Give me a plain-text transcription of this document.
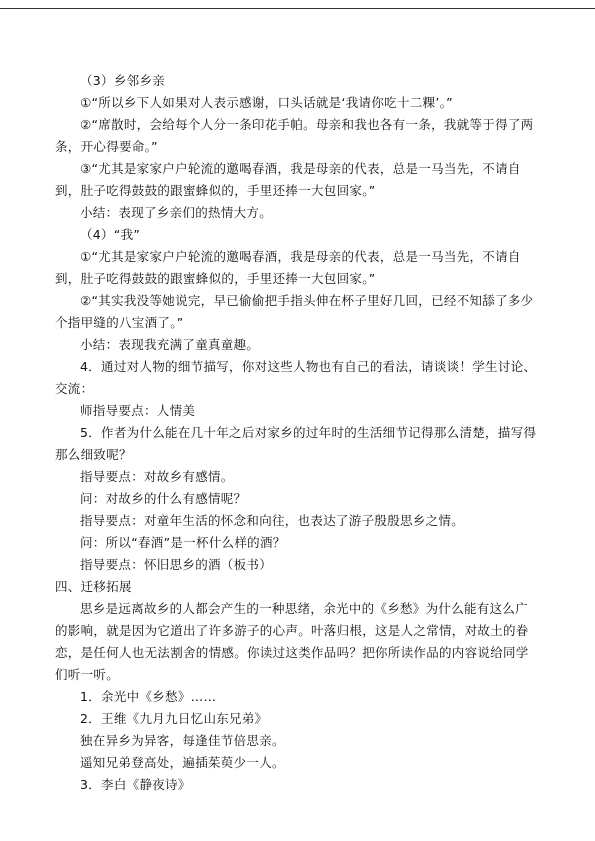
（3）乡邻乡亲

①“所以乡下人如果对人表示感谢，口头话就是‘我请你吃十二粿’。”

②“席散时，会给每个人分一条印花手帕。母亲和我也各有一条，我就等于得了两条，开心得要命。”

③“尤其是家家户户轮流的邀喝春酒，我是母亲的代表，总是一马当先，不请自到，肚子吃得鼓鼓的跟蜜蜂似的，手里还捧一大包回家。”

小结：表现了乡亲们的热情大方。

（4）“我”

①“尤其是家家户户轮流的邀喝春酒，我是母亲的代表，总是一马当先，不请自到，肚子吃得鼓鼓的跟蜜蜂似的，手里还捧一大包回家。”

②“其实我没等她说完，早已偷偷把手指头伸在杯子里好几回，已经不知舔了多少个指甲缝的八宝酒了。”

小结：表现我充满了童真童趣。

4．通过对人物的细节描写，你对这些人物也有自己的看法，请谈谈！学生讨论、交流：

师指导要点：人情美

5．作者为什么能在几十年之后对家乡的过年时的生活细节记得那么清楚，描写得那么细致呢？

指导要点：对故乡有感情。

问：对故乡的什么有感情呢？

指导要点：对童年生活的怀念和向往，也表达了游子殷殷思乡之情。

问：所以“春酒”是一杯什么样的酒？

指导要点：怀旧思乡的酒（板书）

四、迁移拓展

思乡是远离故乡的人都会产生的一种思绪，余光中的《乡愁》为什么能有这么广的影响，就是因为它道出了许多游子的心声。叶落归根，这是人之常情，对故土的眷恋，是任何人也无法割舍的情感。你读过这类作品吗？把你所读作品的内容说给同学们听一听。

1．余光中《乡愁》……

2．王维《九月九日忆山东兄弟》

独在异乡为异客，每逢佳节倍思亲。

遥知兄弟登高处，遍插茱萸少一人。

3．李白《静夜诗》
